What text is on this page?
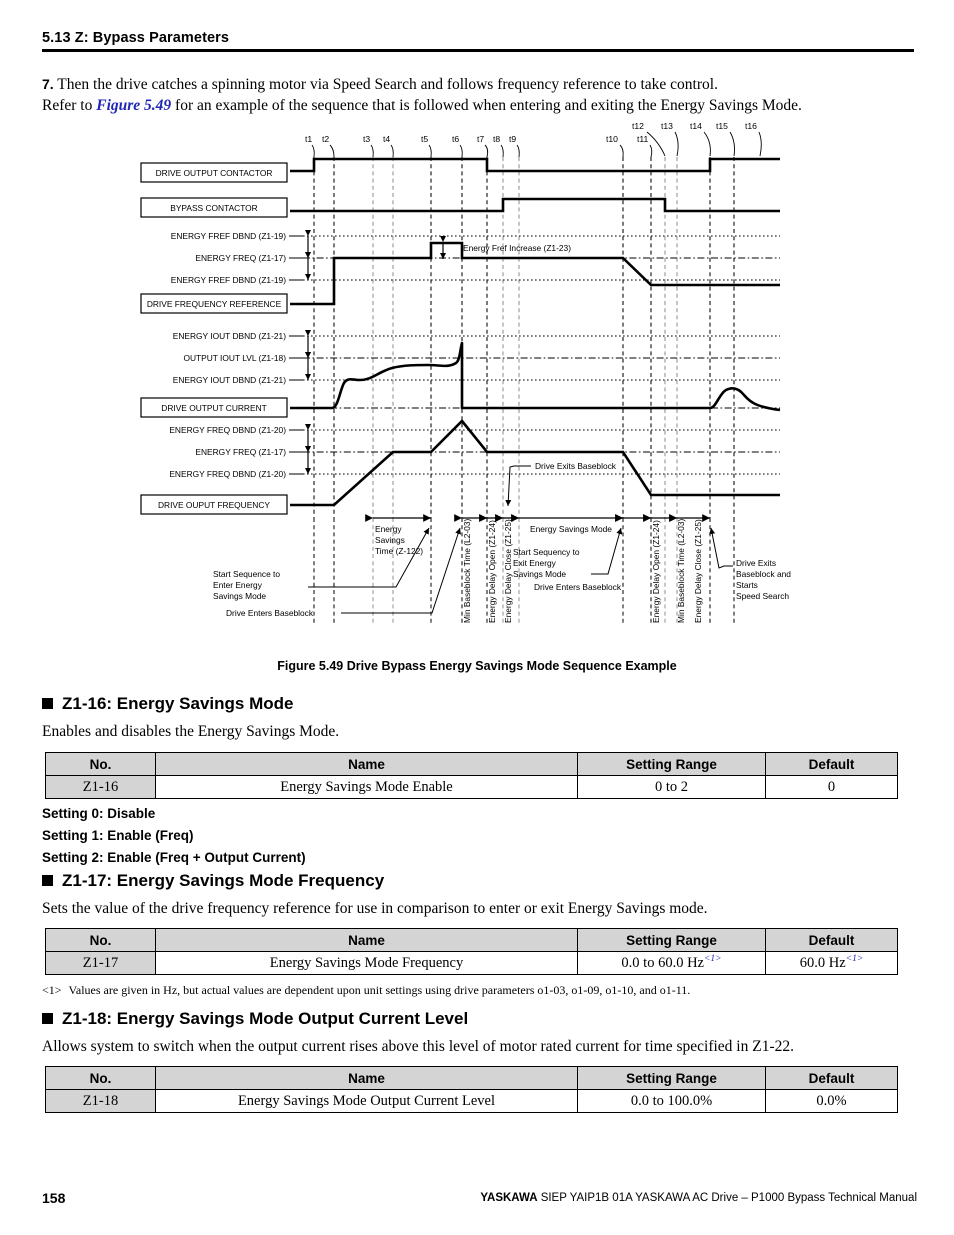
5.13 Z: Bypass Parameters
7. Then the drive catches a spinning motor via Speed Search and follows frequency reference to take control.
Refer to Figure 5.49 for an example of the sequence that is followed when entering and exiting the Energy Savings Mode.
t1 t2	t3 t4	t5	t6 t7 t8 t9	t10 t11
t12 t13 t14 t15 t16
DRIVE OUTPUT CONTACTOR
BYPASS CONTACTOR
ENERGY FREF DBND (Z1-19)
ENERGY FREQ (Z1-17)
ENERGY FREF DBND (Z1-19)
Energy Fref Increase (Z1-23)
DRIVE FREQUENCY REFERENCE
ENERGY IOUT DBND (Z1-21)
OUTPUT IOUT LVL (Z1-18)
ENERGY IOUT DBND (Z1-21)
DRIVE OUTPUT CURRENT
ENERGY FREQ DBND (Z1-20)
ENERGY FREQ (Z1-17)
ENERGY FREQ DBND (Z1-20)
Drive Exits Baseblock
DRIVE OUPUT FREQUENCY
Energy
Savings
Time (Z-122)
Energy Savings Mode
Min Baseblock Time (L2-03) Energy Delay Open (Z1-24) Energy Delay Close (Z1-25)	Energy Delay Open (Z1-24) Min Baseblock Time (L2-03) Energy Delay Close (Z1-25)
Start Sequence to
Enter Energy
Savings Mode
Drive Enters Baseblock
Start Sequency to
Exit Energy
Savings Mode
Drive Enters Baseblock
Drive Exits
Baseblock and
Starts
Speed Search
Figure 5.49 Drive Bypass Energy Savings Mode Sequence Example
Z1-16: Energy Savings Mode
Enables and disables the Energy Savings Mode.
No.	Name	Setting Range	Default
Z1-16	Energy Savings Mode Enable	0 to 2	0
Setting 0: Disable
Setting 1: Enable (Freq)
Setting 2: Enable (Freq + Output Current)
Z1-17: Energy Savings Mode Frequency
Sets the value of the drive frequency reference for use in comparison to enter or exit Energy Savings mode.
No.	Name	Setting Range	Default
Z1-17	Energy Savings Mode Frequency	0.0 to 60.0 $Hz^{<1>}$	60.0 $Hz^{<1>}$
<1> Values are given in Hz, but actual values are dependent upon unit settings using drive parameters o1-03, o1-09, o1-10, and o1-11.
Z1-18: Energy Savings Mode Output Current Level
Allows system to switch when the output current rises above this level of motor rated current for time specified in Z1-22.
No.	Name	Setting Range	Default
Z1-18	Energy Savings Mode Output Current Level	0.0 to 100.0%	0.0%
158	YASKAWA SIEP YAIP1B 01A YASKAWA AC Drive – P1000 Bypass Technical Manual
